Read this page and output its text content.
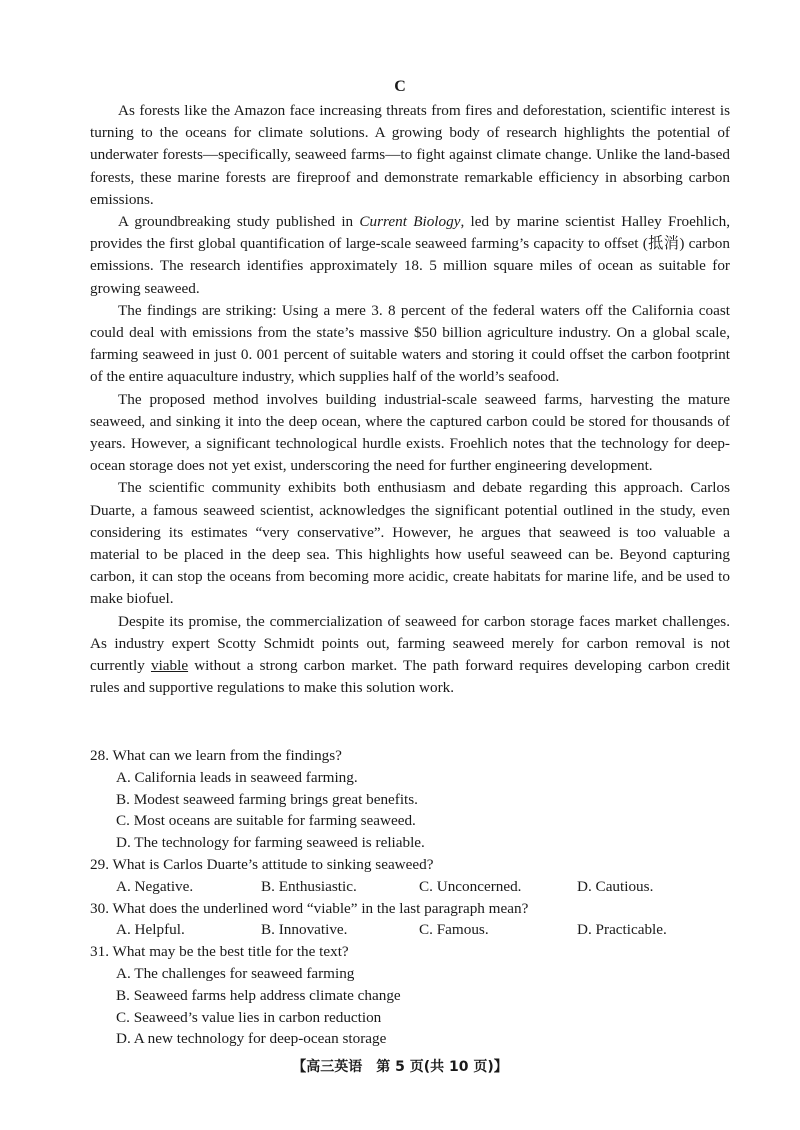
C

As forests like the Amazon face increasing threats from fires and deforestation, scientific interest is turning to the oceans for climate solutions. A growing body of research highlights the potential of underwater forests—specifically, seaweed farms—to fight against climate change. Unlike the land-based forests, these marine forests are fireproof and demonstrate remarkable efficiency in absorbing carbon emissions.

A groundbreaking study published in Current Biology, led by marine scientist Halley Froehlich, provides the first global quantification of large-scale seaweed farming’s capacity to offset (抵消) carbon emissions. The research identifies approximately 18. 5 million square miles of ocean as suitable for growing seaweed.

The findings are striking: Using a mere 3. 8 percent of the federal waters off the California coast could deal with emissions from the state’s massive $50 billion agriculture industry. On a global scale, farming seaweed in just 0. 001 percent of suitable waters and storing it could offset the carbon footprint of the entire aquaculture industry, which supplies half of the world’s seafood.

The proposed method involves building industrial-scale seaweed farms, harvesting the mature seaweed, and sinking it into the deep ocean, where the captured carbon could be stored for thousands of years. However, a significant technological hurdle exists. Froehlich notes that the technology for deep-ocean storage does not yet exist, underscoring the need for further engineering development.

The scientific community exhibits both enthusiasm and debate regarding this approach. Carlos Duarte, a famous seaweed scientist, acknowledges the significant potential outlined in the study, even considering its estimates “very conservative”. However, he argues that seaweed is too valuable a material to be placed in the deep sea. This highlights how useful seaweed can be. Beyond capturing carbon, it can stop the oceans from becoming more acidic, create habitats for marine life, and be used to make biofuel.

Despite its promise, the commercialization of seaweed for carbon storage faces market challenges. As industry expert Scotty Schmidt points out, farming seaweed merely for carbon removal is not currently viable without a strong carbon market. The path forward requires developing carbon credit rules and supportive regulations to make this solution work.

28. What can we learn from the findings?

A. California leads in seaweed farming.

B. Modest seaweed farming brings great benefits.

C. Most oceans are suitable for farming seaweed.

D. The technology for farming seaweed is reliable.

29. What is Carlos Duarte’s attitude to sinking seaweed?

A. Negative.	B. Enthusiastic.	C. Unconcerned.	D. Cautious.

30. What does the underlined word “viable” in the last paragraph mean?

A. Helpful.	B. Innovative.	C. Famous.	D. Practicable.

31. What may be the best title for the text?

A. The challenges for seaweed farming

B. Seaweed farms help address climate change

C. Seaweed’s value lies in carbon reduction

D. A new technology for deep-ocean storage

【高三英语　第 5 页(共 10 页)】
